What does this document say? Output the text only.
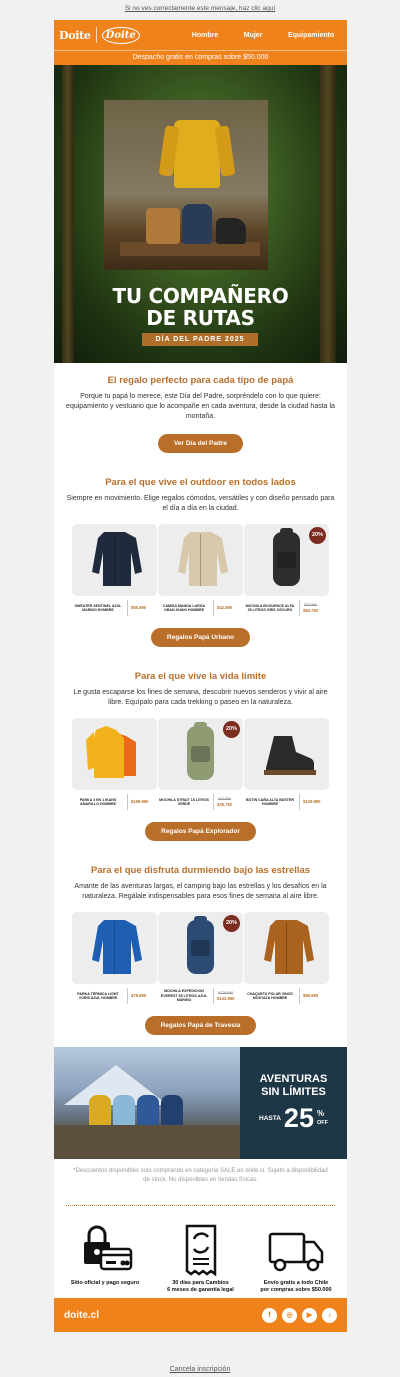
Si no ves correctamente este mensaje, haz clic aquí
Doite	Doite	Hombre	Mujer	Equipamiento
Despacho gratis en compras sobre $50.000
TU COMPAÑERO
DE RUTAS
DÍA DEL PADRE 2025
El regalo perfecto para cada tipo de papá
Porque tu papá lo merece, este Día del Padre, sorpréndelo con lo que quiere: equipamiento y vestuario que lo acompañe en cada aventura, desde la ciudad hasta la montaña.
Ver Día del Padre
Para el que vive el outdoor en todos lados
Siempre en movimiento. Elige regalos cómodos, versátiles y con diseño pensado para el día a día en la ciudad.
SWEATER SENTINEL AZUL MARINO HOMBRE	$55.990	CAMISA MANGA LARGA OBAN KHAKI HOMBRE	$42.990
20%
MOCHILA BOGUENCE ALFA 35 LITROS GRIS OSCURO
$75.990
$60.792
Regalos Papá Urbano
Para el que vive la vida límite
Le gusta escaparse los fines de semana, descubrir nuevos senderos y vivir al aire libre. Equípalo para cada trekking o paseo en la naturaleza.
PARKA 3 EN 1 IKANS AMARILLO HOMBRE	$199.990
20%
MOCHILA STRAIT 18 LITROS VERDE
$44.990
$35.792
BOTIN CAÑA ALTA BUSTER HOMBRE	$129.990
Regalos Papá Explorador
Para el que disfruta durmiendo bajo las estrellas
Amante de las aventuras largas, el camping bajo las estrellas y los desafíos en la naturaleza. Regálale indispensables para esos fines de semana al aire libre.
PARKA TÉRMICA LIGHT VORIS AZUL HOMBRE	$79.990
20%
MOCHILA EXPEDICION EVEREST 65 LITROS AZUL MARINO
$179.990
$143.990
CHAQUETA POLAR VINCE MOSTAZA HOMBRE	$69.990
Regalos Papá de Travesía
AVENTURAS
SIN LÍMITES
HASTA 25 %
OFF
*Descuentos disponibles solo comprando en categoría SALE en doite.cl. Sujeto a disponibilidad de stock. No disponibles en tiendas físicas.
Sitio oficial y pago seguro	30 días para Cambios
6 meses de garantía legal
Envío gratis a todo Chile
por compras sobre $50.000
doite.cl	f	◎	▶	♪
Cancela inscripción
